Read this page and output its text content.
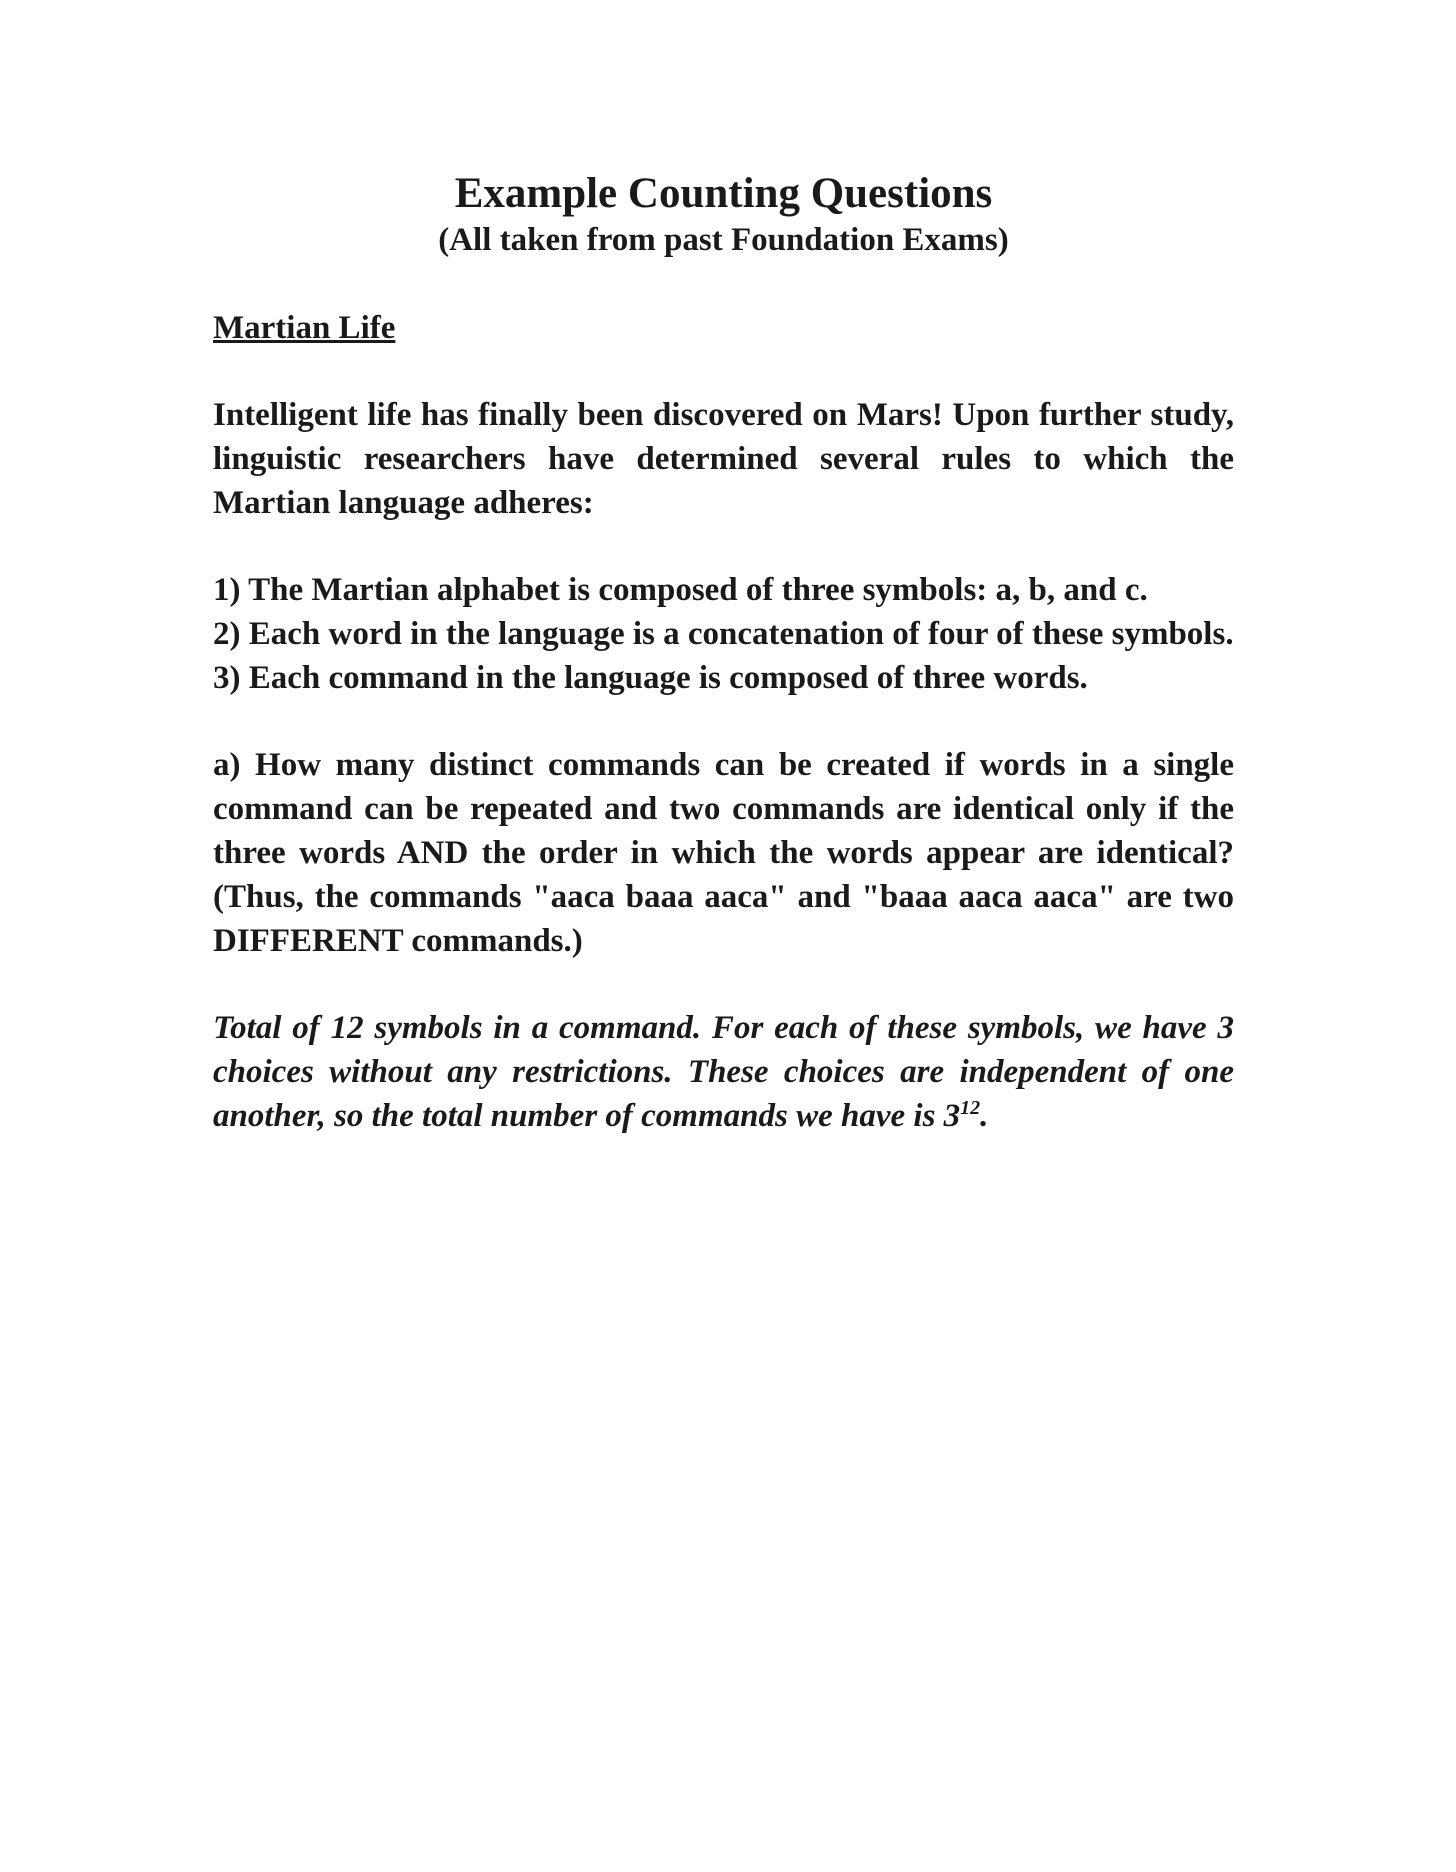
Example Counting Questions
(All taken from past Foundation Exams)
Martian Life

Intelligent life has finally been discovered on Mars! Upon further study, linguistic researchers have determined several rules to which the Martian language adheres:

1) The Martian alphabet is composed of three symbols: a, b, and c.
2) Each word in the language is a concatenation of four of these symbols.
3) Each command in the language is composed of three words.

a) How many distinct commands can be created if words in a single command can be repeated and two commands are identical only if the three words AND the order in which the words appear are identical? (Thus, the commands "aaca baaa aaca" and "baaa aaca aaca" are two DIFFERENT commands.)

Total of 12 symbols in a command. For each of these symbols, we have 3 choices without any restrictions. These choices are independent of one another, so the total number of commands we have is $3^{12}$.
